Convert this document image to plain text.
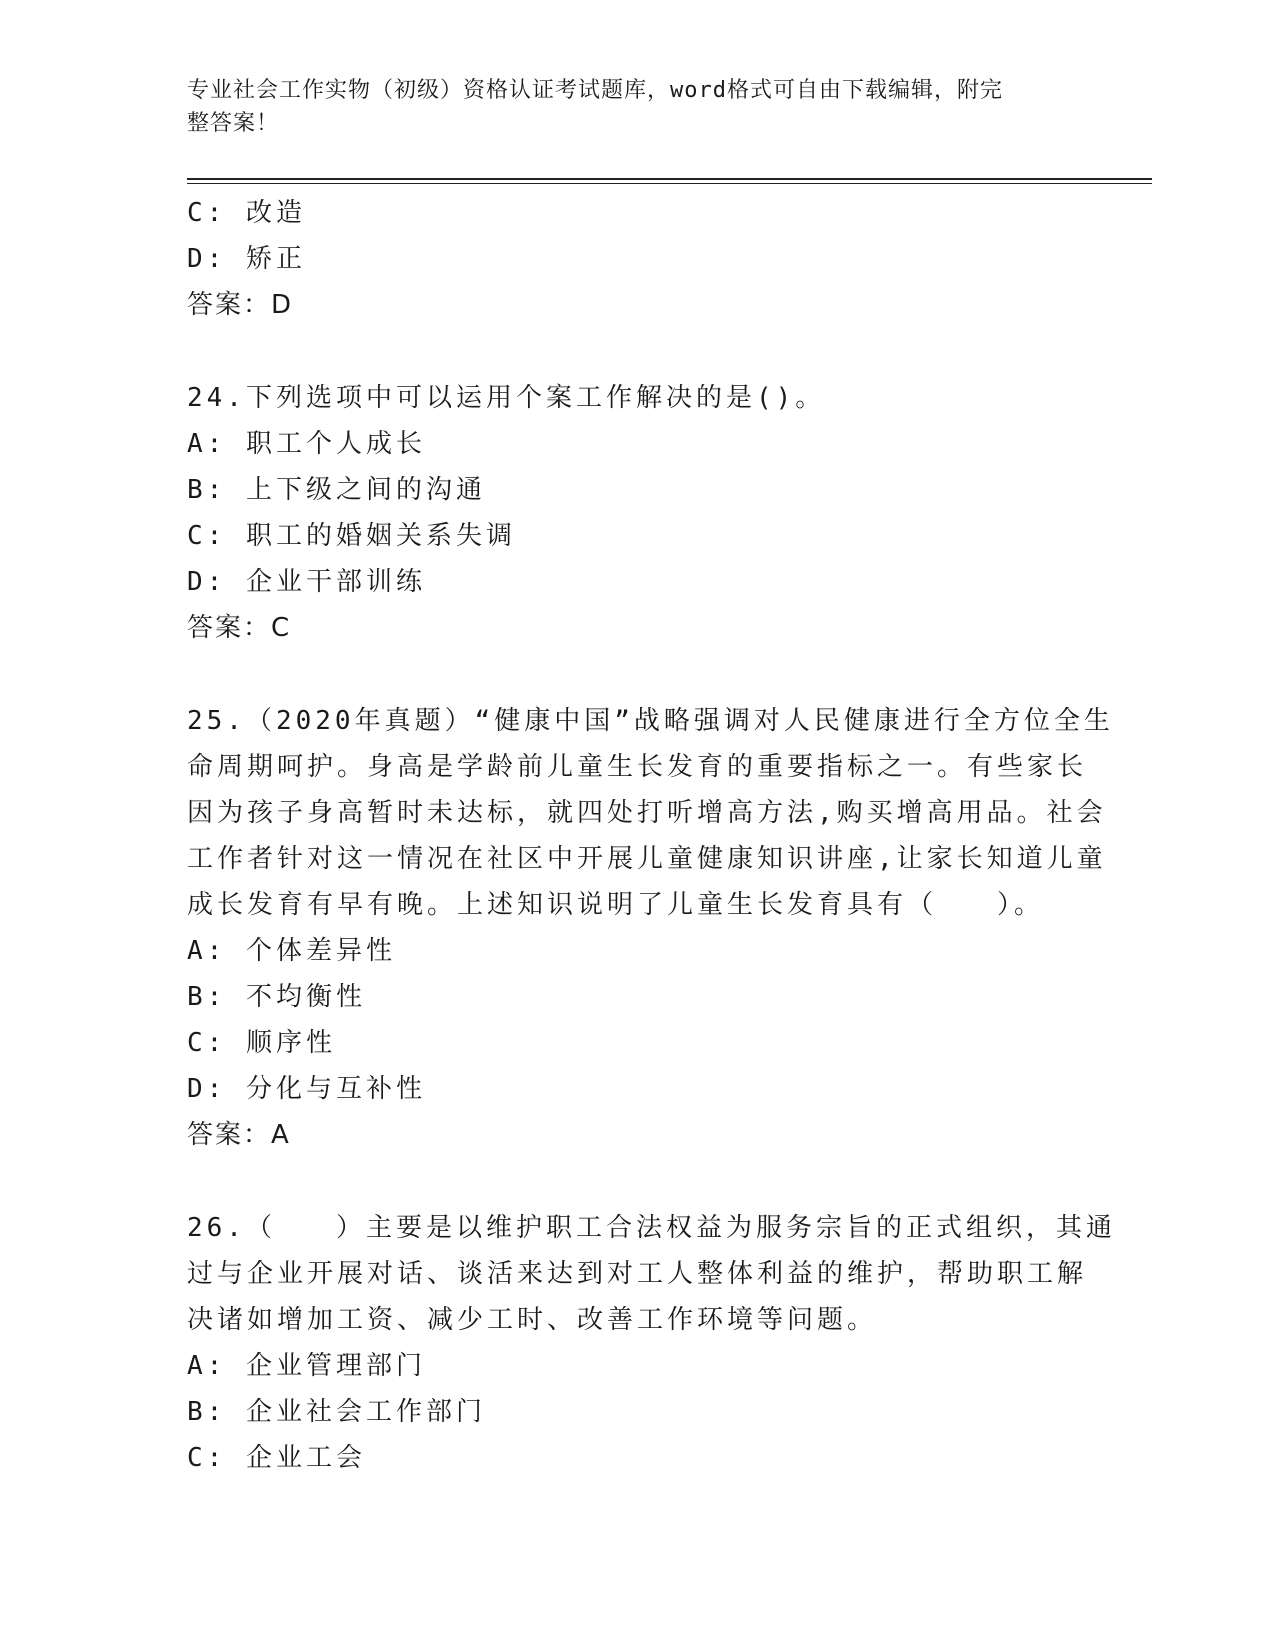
专业社会工作实物（初级）资格认证考试题库，word格式可自由下载编辑，附完
整答案！
C: 改造
D: 矫正
答案：D
24.下列选项中可以运用个案工作解决的是()。
A: 职工个人成长
B: 上下级之间的沟通
C: 职工的婚姻关系失调
D: 企业干部训练
答案：C
25.（2020年真题）“健康中国”战略强调对人民健康进行全方位全生
命周期呵护。身高是学龄前儿童生长发育的重要指标之一。有些家长
因为孩子身高暂时未达标，就四处打听增高方法,购买增高用品。社会
工作者针对这一情况在社区中开展儿童健康知识讲座,让家长知道儿童
成长发育有早有晚。上述知识说明了儿童生长发育具有（　　）。
A: 个体差异性
B: 不均衡性
C: 顺序性
D: 分化与互补性
答案：A
26.（　　）主要是以维护职工合法权益为服务宗旨的正式组织，其通
过与企业开展对话、谈活来达到对工人整体利益的维护，帮助职工解
决诸如增加工资、减少工时、改善工作环境等问题。
A: 企业管理部门
B: 企业社会工作部门
C: 企业工会
